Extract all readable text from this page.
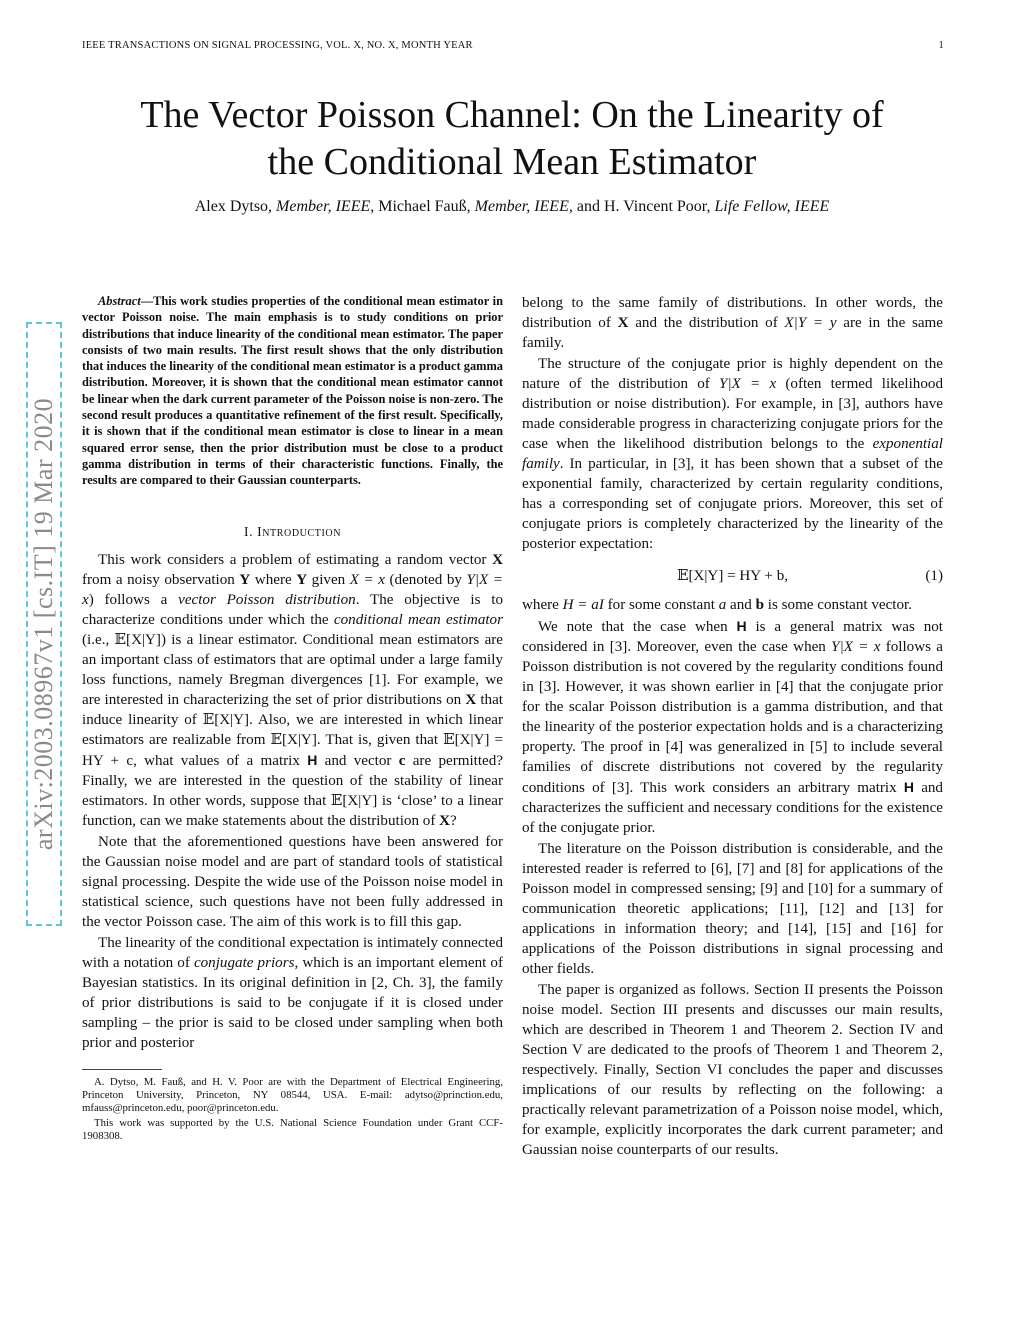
IEEE TRANSACTIONS ON SIGNAL PROCESSING, VOL. X, NO. X, MONTH YEAR	1
The Vector Poisson Channel: On the Linearity of
the Conditional Mean Estimator
Alex Dytso, Member, IEEE, Michael Fauß, Member, IEEE, and H. Vincent Poor, Life Fellow, IEEE
arXiv:2003.08967v1 [cs.IT] 19 Mar 2020

Abstract—This work studies properties of the conditional mean estimator in vector Poisson noise. The main emphasis is to study conditions on prior distributions that induce linearity of the conditional mean estimator. The paper consists of two main results. The first result shows that the only distribution that induces the linearity of the conditional mean estimator is a product gamma distribution. Moreover, it is shown that the conditional mean estimator cannot be linear when the dark current parameter of the Poisson noise is non-zero. The second result produces a quantitative refinement of the first result. Specifically, it is shown that if the conditional mean estimator is close to linear in a mean squared error sense, then the prior distribution must be close to a product gamma distribution in terms of their characteristic functions. Finally, the results are compared to their Gaussian counterparts.

I. Introduction

This work considers a problem of estimating a random vector X from a noisy observation Y where Y given X = x (denoted by Y|X = x) follows a vector Poisson distribution. The objective is to characterize conditions under which the conditional mean estimator (i.e., 𝔼[X|Y]) is a linear estimator. Conditional mean estimators are an important class of estimators that are optimal under a large family loss functions, namely Bregman divergences [1]. For example, we are interested in characterizing the set of prior distributions on X that induce linearity of 𝔼[X|Y]. Also, we are interested in which linear estimators are realizable from 𝔼[X|Y]. That is, given that 𝔼[X|Y] = HY + c, what values of a matrix H and vector c are permitted? Finally, we are interested in the question of the stability of linear estimators. In other words, suppose that 𝔼[X|Y] is ‘close’ to a linear function, can we make statements about the distribution of X?

Note that the aforementioned questions have been answered for the Gaussian noise model and are part of standard tools of statistical signal processing. Despite the wide use of the Poisson noise model in statistical science, such questions have not been fully addressed in the vector Poisson case. The aim of this work is to fill this gap.

The linearity of the conditional expectation is intimately connected with a notation of conjugate priors, which is an important element of Bayesian statistics. In its original definition in [2, Ch. 3], the family of prior distributions is said to be conjugate if it is closed under sampling – the prior is said to be closed under sampling when both prior and posterior

A. Dytso, M. Fauß, and H. V. Poor are with the Department of Electrical Engineering, Princeton University, Princeton, NY 08544, USA. E-mail: adytso@prinction.edu, mfauss@princeton.edu, poor@princeton.edu.

This work was supported by the U.S. National Science Foundation under Grant CCF-1908308.

belong to the same family of distributions. In other words, the distribution of X and the distribution of X|Y = y are in the same family.

The structure of the conjugate prior is highly dependent on the nature of the distribution of Y|X = x (often termed likelihood distribution or noise distribution). For example, in [3], authors have made considerable progress in characterizing conjugate priors for the case when the likelihood distribution belongs to the exponential family. In particular, in [3], it has been shown that a subset of the exponential family, characterized by certain regularity conditions, has a corresponding set of conjugate priors. Moreover, this set of conjugate priors is completely characterized by the linearity of the posterior expectation:

𝔼[X|Y] = HY + b,	(1)

where H = aI for some constant a and b is some constant vector.

We note that the case when H is a general matrix was not considered in [3]. Moreover, even the case when Y|X = x follows a Poisson distribution is not covered by the regularity conditions found in [3]. However, it was shown earlier in [4] that the conjugate prior for the scalar Poisson distribution is a gamma distribution, and that the linearity of the posterior expectation holds and is a characterizing property. The proof in [4] was generalized in [5] to include several families of discrete distributions not covered by the regularity conditions of [3]. This work considers an arbitrary matrix H and characterizes the sufficient and necessary conditions for the existence of the conjugate prior.

The literature on the Poisson distribution is considerable, and the interested reader is referred to [6], [7] and [8] for applications of the Poisson model in compressed sensing; [9] and [10] for a summary of communication theoretic applications; [11], [12] and [13] for applications in information theory; and [14], [15] and [16] for applications of the Poisson distributions in signal processing and other fields.

The paper is organized as follows. Section II presents the Poisson noise model. Section III presents and discusses our main results, which are described in Theorem 1 and Theorem 2. Section IV and Section V are dedicated to the proofs of Theorem 1 and Theorem 2, respectively. Finally, Section VI concludes the paper and discusses implications of our results by reflecting on the following: a practically relevant parametrization of a Poisson noise model, which, for example, explicitly incorporates the dark current parameter; and Gaussian noise counterparts of our results.
